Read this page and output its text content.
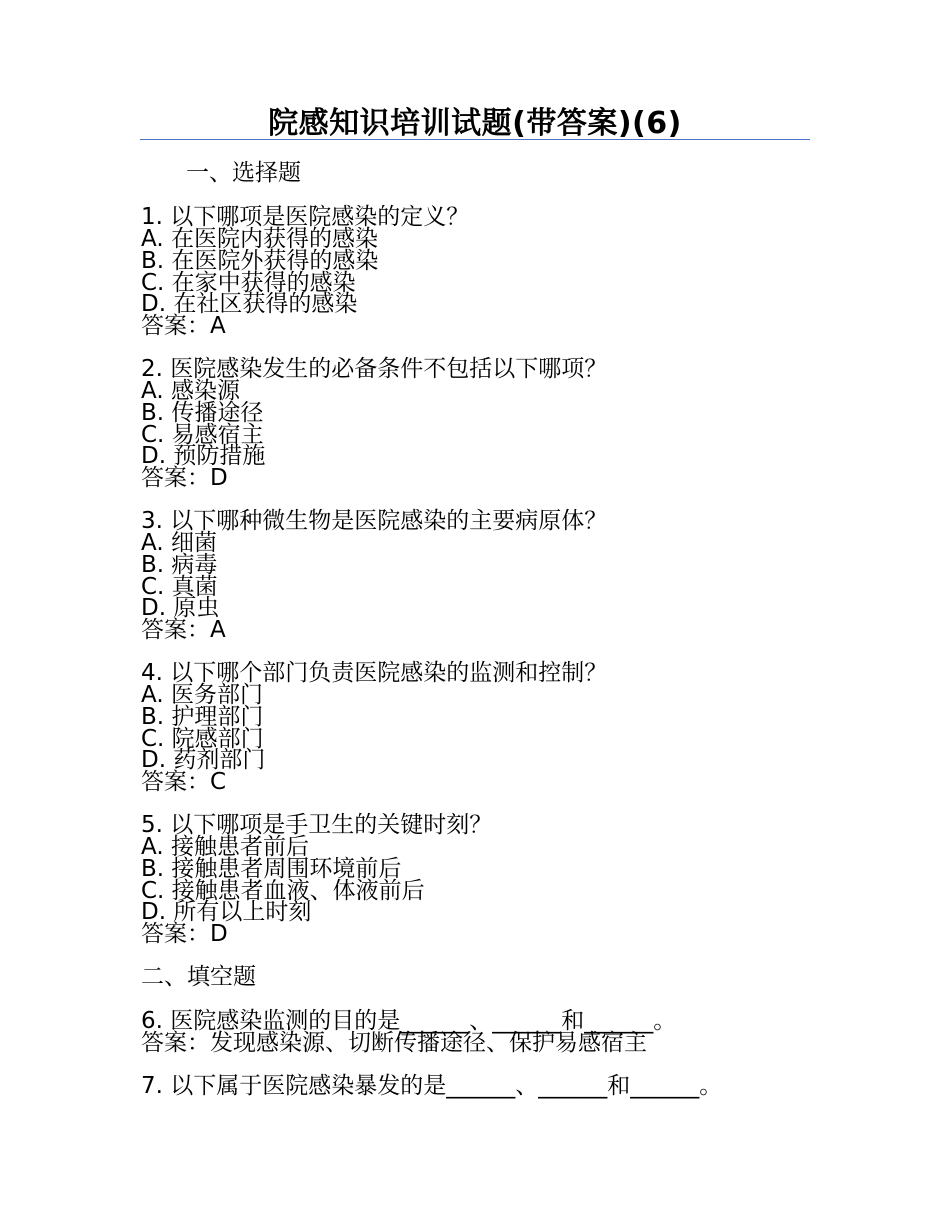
院感知识培训试题(带答案)(6)
一、选择题
1. 以下哪项是医院感染的定义？
A. 在医院内获得的感染
B. 在医院外获得的感染
C. 在家中获得的感染
D. 在社区获得的感染
答案：A
2. 医院感染发生的必备条件不包括以下哪项？
A. 感染源
B. 传播途径
C. 易感宿主
D. 预防措施
答案：D
3. 以下哪种微生物是医院感染的主要病原体？
A. 细菌
B. 病毒
C. 真菌
D. 原虫
答案：A
4. 以下哪个部门负责医院感染的监测和控制？
A. 医务部门
B. 护理部门
C. 院感部门
D. 药剂部门
答案：C
5. 以下哪项是手卫生的关键时刻？
A. 接触患者前后
B. 接触患者周围环境前后
C. 接触患者血液、体液前后
D. 所有以上时刻
答案：D
二、填空题
6. 医院感染监测的目的是______、______和______。
答案：发现感染源、切断传播途径、保护易感宿主
7. 以下属于医院感染暴发的是______、______和______。
